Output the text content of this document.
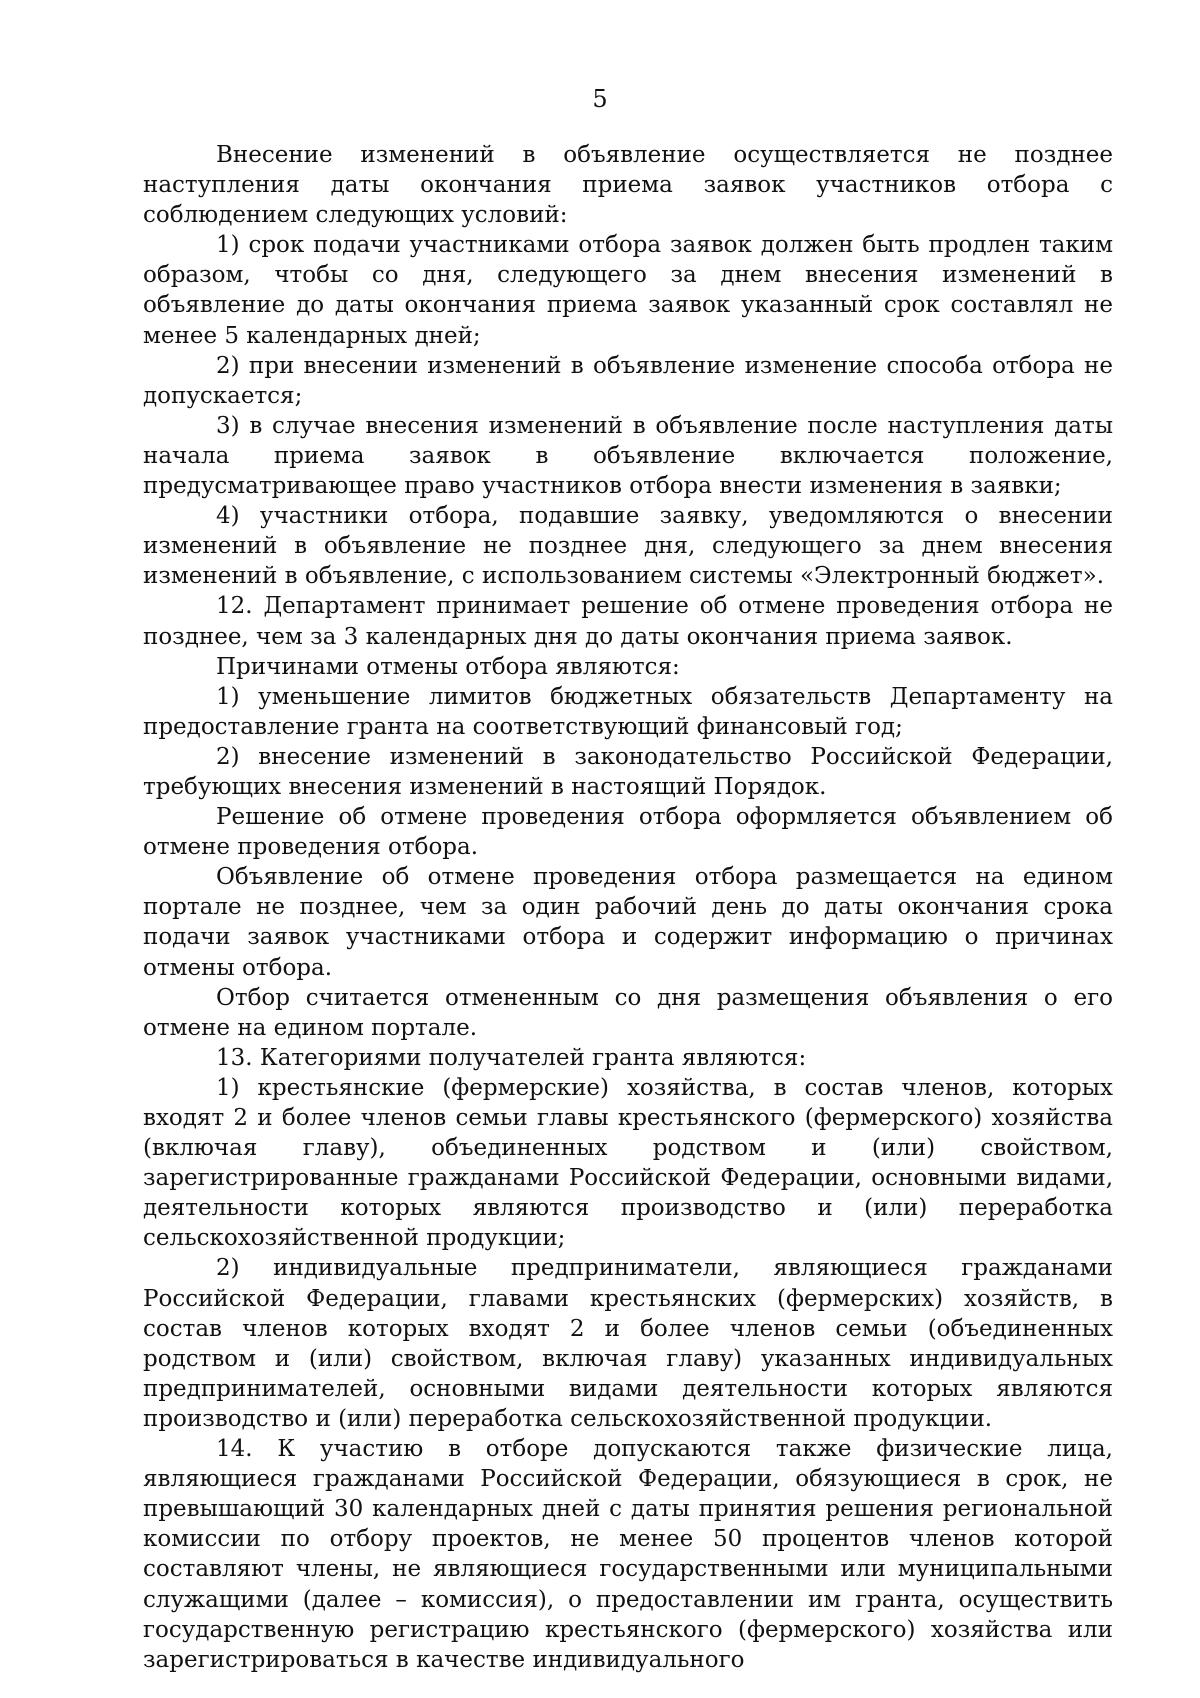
5

Внесение изменений в объявление осуществляется не позднее наступления даты окончания приема заявок участников отбора с соблюдением следующих условий:

1) срок подачи участниками отбора заявок должен быть продлен таким образом, чтобы со дня, следующего за днем внесения изменений в объявление до даты окончания приема заявок указанный срок составлял не менее 5 календарных дней;

2) при внесении изменений в объявление изменение способа отбора не допускается;

3) в случае внесения изменений в объявление после наступления даты начала приема заявок в объявление включается положение, предусматривающее право участников отбора внести изменения в заявки;

4) участники отбора, подавшие заявку, уведомляются о внесении изменений в объявление не позднее дня, следующего за днем внесения изменений в объявление, с использованием системы «Электронный бюджет».

12. Департамент принимает решение об отмене проведения отбора не позднее, чем за 3 календарных дня до даты окончания приема заявок.

Причинами отмены отбора являются:

1) уменьшение лимитов бюджетных обязательств Департаменту на предоставление гранта на соответствующий финансовый год;

2) внесение изменений в законодательство Российской Федерации, требующих внесения изменений в настоящий Порядок.

Решение об отмене проведения отбора оформляется объявлением об отмене проведения отбора.

Объявление об отмене проведения отбора размещается на едином портале не позднее, чем за один рабочий день до даты окончания срока подачи заявок участниками отбора и содержит информацию о причинах отмены отбора.

Отбор считается отмененным со дня размещения объявления о его отмене на едином портале.

13. Категориями получателей гранта являются:

1) крестьянские (фермерские) хозяйства, в состав членов, которых входят 2 и более членов семьи главы крестьянского (фермерского) хозяйства (включая главу), объединенных родством и (или) свойством, зарегистрированные гражданами Российской Федерации, основными видами, деятельности которых являются производство и (или) переработка сельскохозяйственной продукции;

2) индивидуальные предприниматели, являющиеся гражданами Российской Федерации, главами крестьянских (фермерских) хозяйств, в состав членов которых входят 2 и более членов семьи (объединенных родством и (или) свойством, включая главу) указанных индивидуальных предпринимателей, основными видами деятельности которых являются производство и (или) переработка сельскохозяйственной продукции.

14. К участию в отборе допускаются также физические лица, являющиеся гражданами Российской Федерации, обязующиеся в срок, не превышающий 30 календарных дней с даты принятия решения региональной комиссии по отбору проектов, не менее 50 процентов членов которой составляют члены, не являющиеся государственными или муниципальными служащими (далее – комиссия), о предоставлении им гранта, осуществить государственную регистрацию крестьянского (фермерского) хозяйства или зарегистрироваться в качестве индивидуального
